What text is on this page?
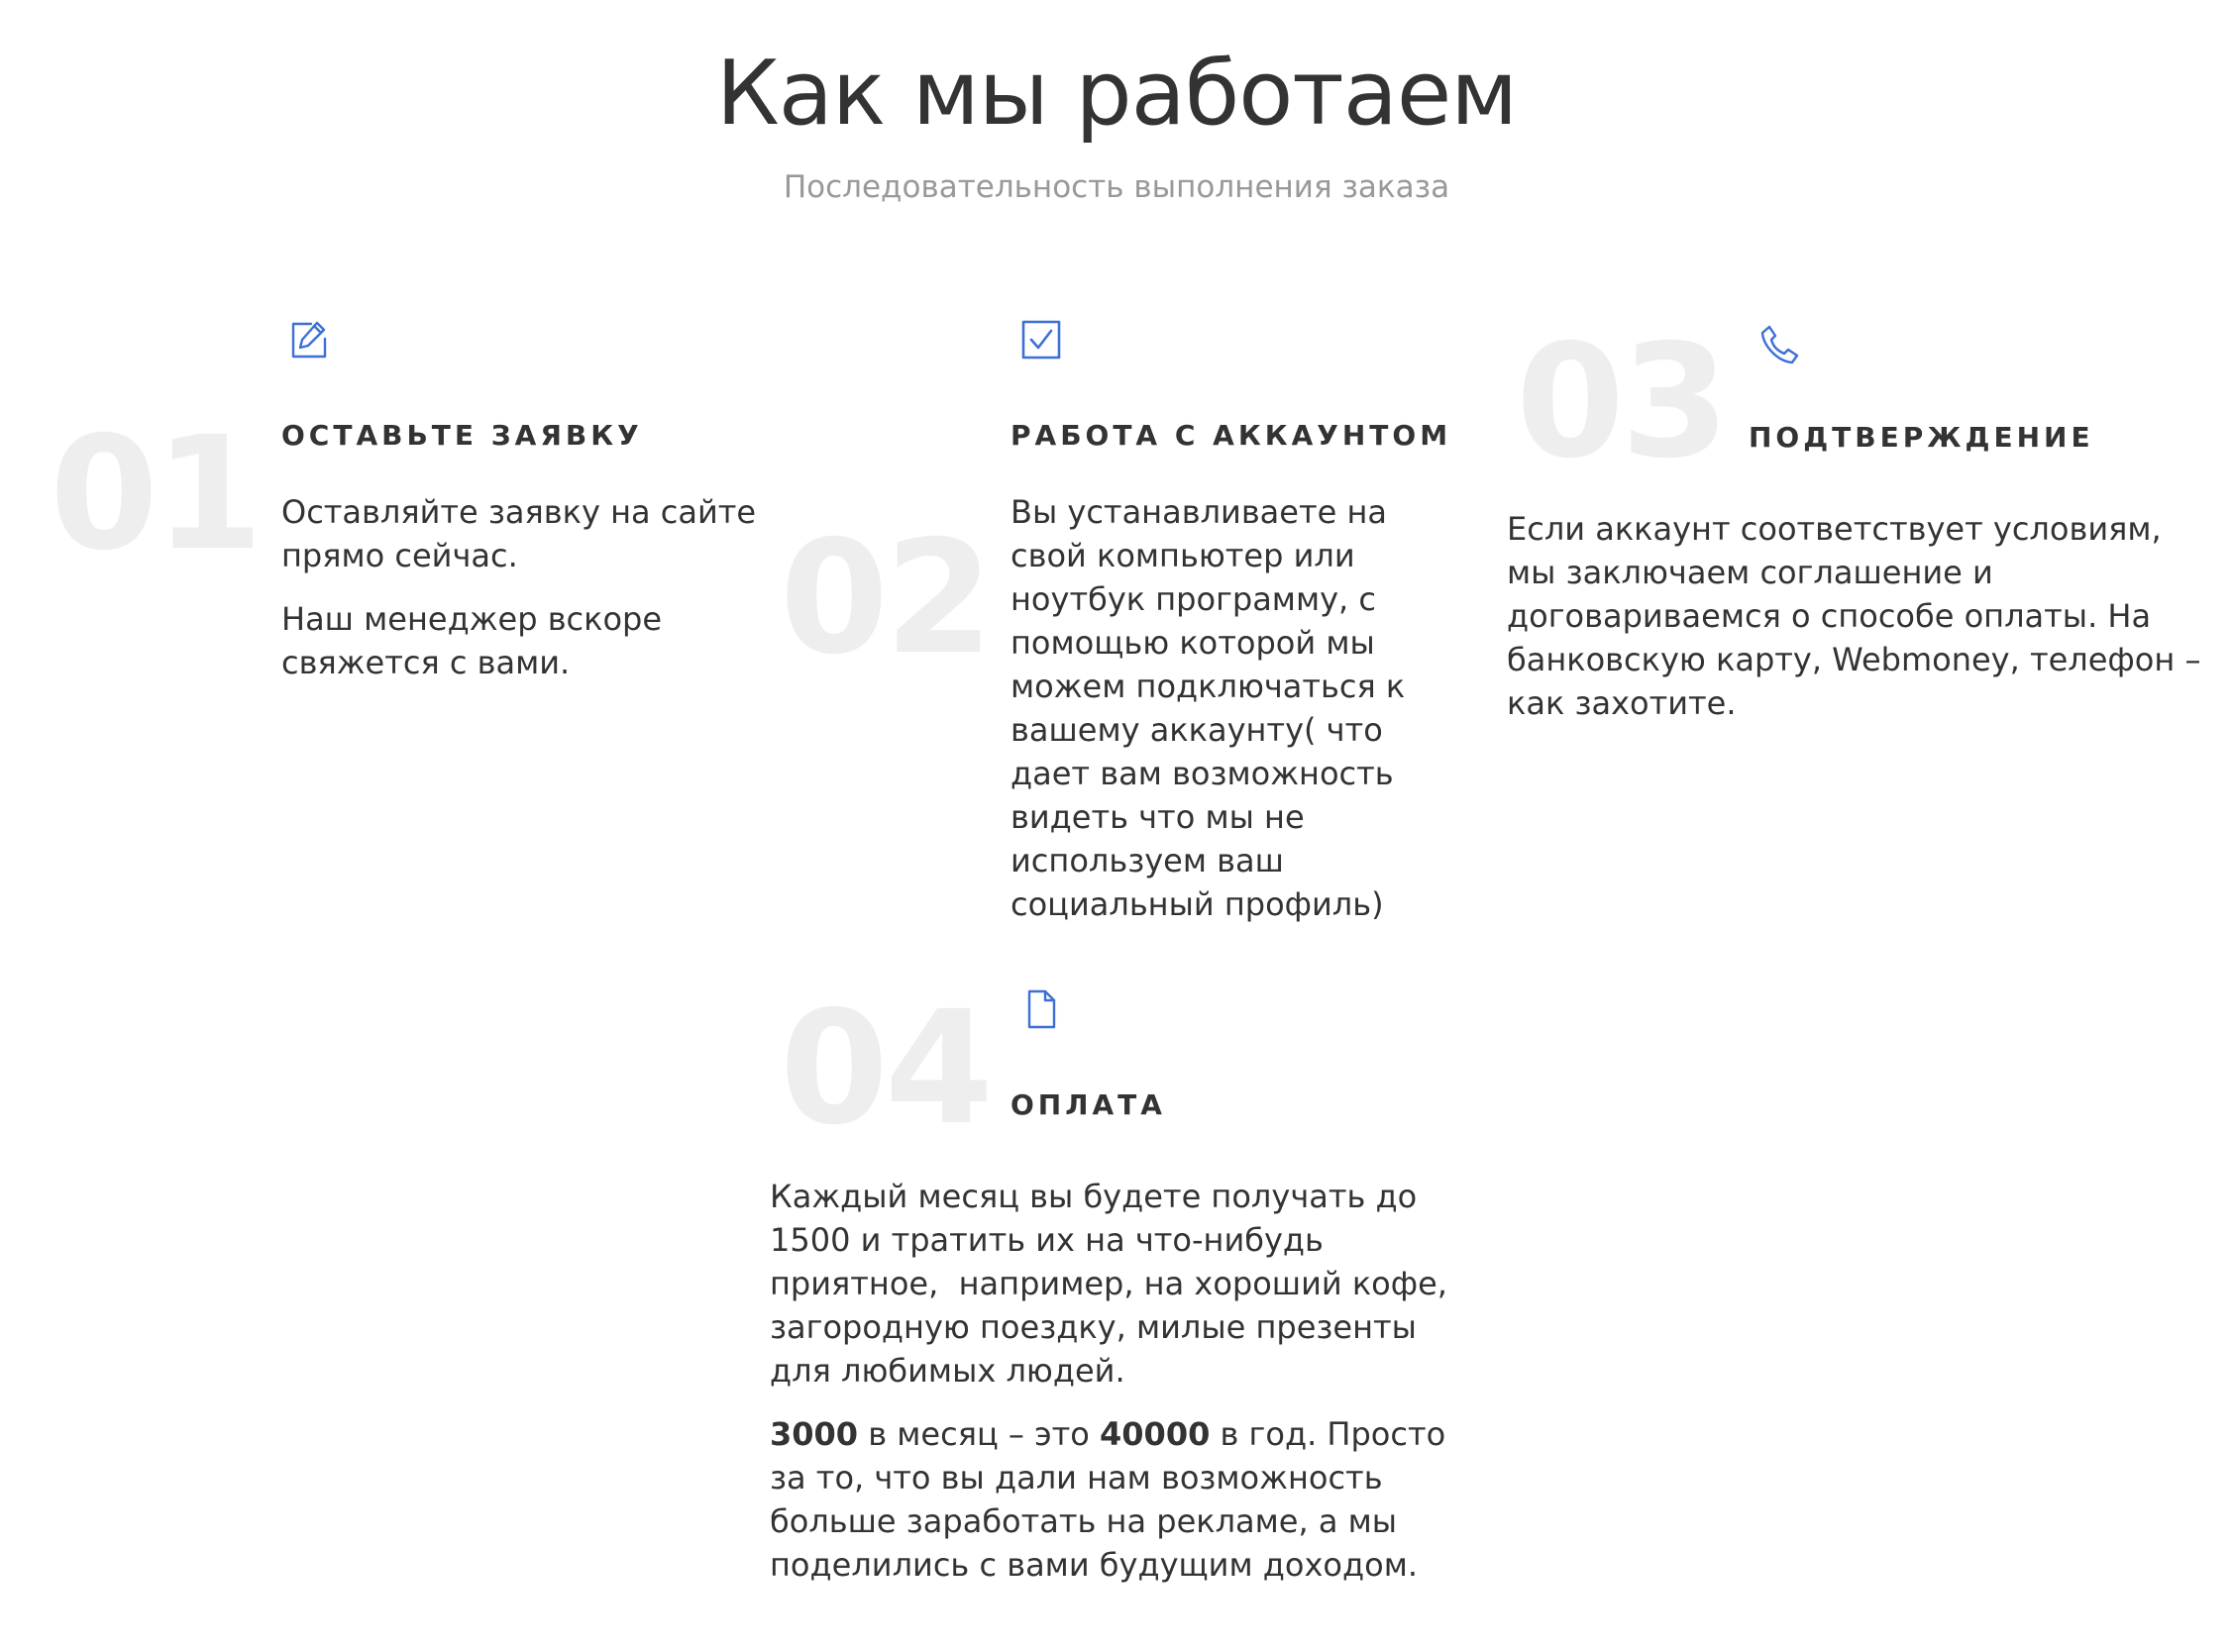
Как мы работаем
Последовательность выполнения заказа
01 ОСТАВЬТЕ ЗАЯВКУ

Оставляйте заявку на сайте прямо сейчас.

Наш менеджер вскоре свяжется с вами.	02
РАБОТА С АККАУНТОМ

Вы устанавливаете на свой компьютер или ноутбук программу, с помощью которой мы можем подключаться к вашему аккаунту( что дает вам возможность видеть что мы не используем ваш социальный профиль)

03 ПОДТВЕРЖДЕНИЕ

Если аккаунт соответствует условиям, мы заключаем соглашение и договариваемся о способе оплаты. На банковскую карту, Webmoney, телефон – как захотите.

04 ОПЛАТА

Каждый месяц вы будете получать до 1500 и тратить их на что-нибудь приятное,  например, на хороший кофе, загородную поездку, милые презенты для любимых людей.

3000 в месяц – это 40000 в год. Просто за то, что вы дали нам возможность больше заработать на рекламе, а мы поделились с вами будущим доходом.
